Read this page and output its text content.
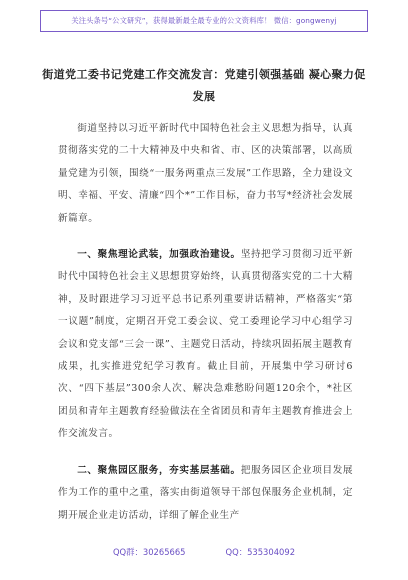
关注头条号“公文研究”，获得最新最全最专业的公文资料库！ 微信：gongwenyj
街道党工委书记党建工作交流发言：党建引领强基础 凝心聚力促发展

街道坚持以习近平新时代中国特色社会主义思想为指导，认真贯彻落实党的二十大精神及中央和省、市、区的决策部署，以高质量党建为引领，围绕“一服务两重点三发展”工作思路，全力建设文明、幸福、平安、清廉“四个*”工作目标，奋力书写*经济社会发展新篇章。

一、聚焦理论武装，加强政治建设。坚持把学习贯彻习近平新时代中国特色社会主义思想贯穿始终，认真贯彻落实党的二十大精神，及时跟进学习习近平总书记系列重要讲话精神，严格落实“第一议题”制度，定期召开党工委会议、党工委理论学习中心组学习会议和党支部“三会一课”、主题党日活动，持续巩固拓展主题教育成果，扎实推进党纪学习教育。截止目前，开展集中学习研讨6次、“四下基层”300余人次、解决急难愁盼问题120余个，*社区团员和青年主题教育经验做法在全省团员和青年主题教育推进会上作交流发言。

二、聚焦园区服务，夯实基层基础。把服务园区企业项目发展作为工作的重中之重，落实由街道领导干部包保服务企业机制，定期开展企业走访活动，详细了解企业生产

QQ群：30265665	QQ：535304092
